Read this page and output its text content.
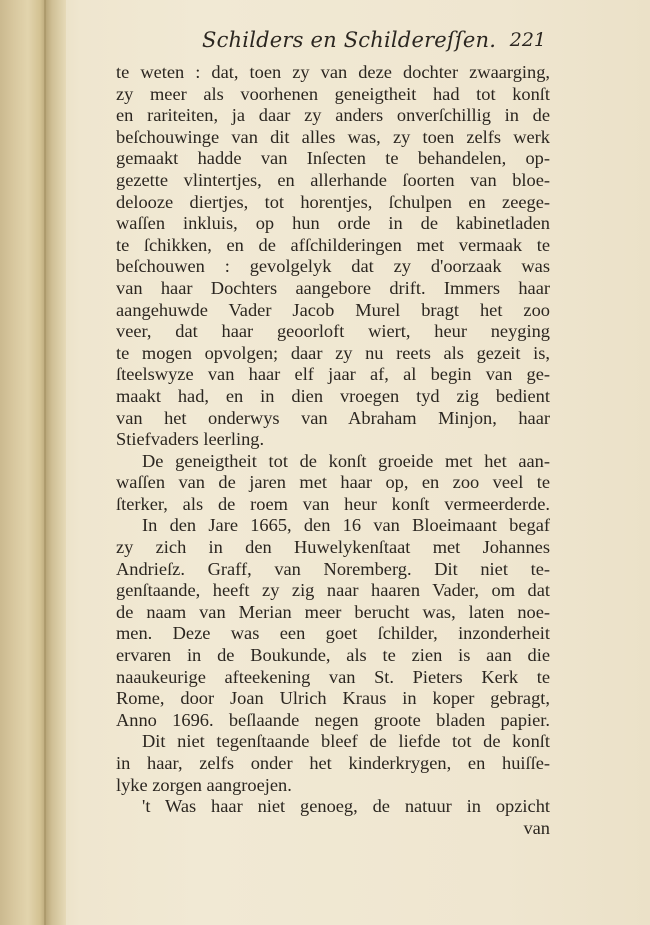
Schilders en Schildereſſen. 221
te weten : dat, toen zy van deze dochter zwaarging,
zy meer als voorhenen geneigtheit had tot konſt
en rariteiten, ja daar zy anders onverſchillig in de
beſchouwinge van dit alles was, zy toen zelfs werk
gemaakt hadde van Inſecten te behandelen, op-
gezette vlintertjes, en allerhande ſoorten van bloe-
delooze diertjes, tot horentjes, ſchulpen en zeege-
waſſen inkluis, op hun orde in de kabinetladen
te ſchikken, en de afſchilderingen met vermaak te
beſchouwen : gevolgelyk dat zy d'oorzaak was
van haar Dochters aangebore drift. Immers haar
aangehuwde Vader Jacob Murel bragt het zoo
veer, dat haar geoorloft wiert, heur neyging
te mogen opvolgen; daar zy nu reets als gezeit is,
ſteelswyze van haar elf jaar af, al begin van ge-
maakt had, en in dien vroegen tyd zig bedient
van het onderwys van Abraham Minjon, haar
Stiefvaders leerling.
De geneigtheit tot de konſt groeide met het aan-
waſſen van de jaren met haar op, en zoo veel te
ſterker, als de roem van heur konſt vermeerderde.
In den Jare 1665, den 16 van Bloeimaant begaf
zy zich in den Huwelykenſtaat met Johannes
Andrieſz. Graff, van Noremberg. Dit niet te-
genſtaande, heeft zy zig naar haaren Vader, om dat
de naam van Merian meer berucht was, laten noe-
men. Deze was een goet ſchilder, inzonderheit
ervaren in de Boukunde, als te zien is aan die
naaukeurige afteekening van St. Pieters Kerk te
Rome, door Joan Ulrich Kraus in koper gebragt,
Anno 1696. beſlaande negen groote bladen papier.
Dit niet tegenſtaande bleef de liefde tot de konſt
in haar, zelfs onder het kinderkrygen, en huiſſe-
lyke zorgen aangroejen.
't Was haar niet genoeg, de natuur in opzicht
van
